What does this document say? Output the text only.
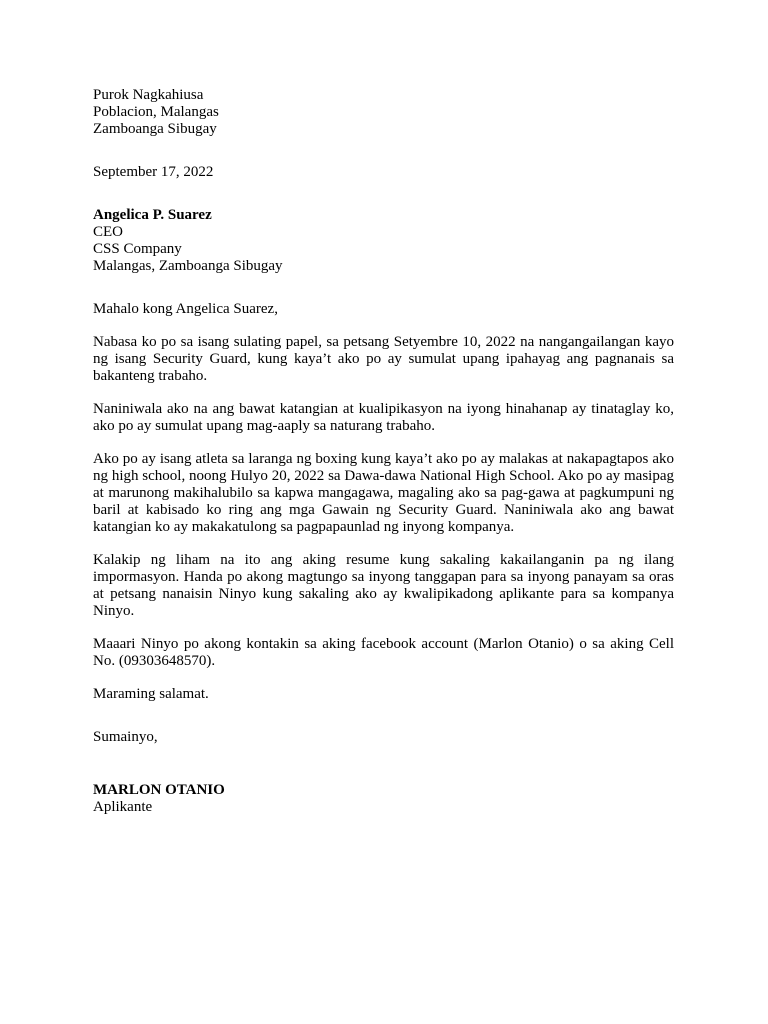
Purok Nagkahiusa
Poblacion, Malangas
Zamboanga Sibugay
September 17, 2022
Angelica P. Suarez
CEO
CSS Company
Malangas, Zamboanga Sibugay
Mahalo kong Angelica Suarez,

Nabasa ko po sa isang sulating papel, sa petsang Setyembre 10, 2022 na nangangailangan kayo ng isang Security Guard, kung kaya’t ako po ay sumulat upang ipahayag ang pagnanais sa bakanteng trabaho.

Naniniwala ako na ang bawat katangian at kualipikasyon na iyong hinahanap ay tinataglay ko, ako po ay sumulat upang mag-aaply sa naturang trabaho.

Ako po ay isang atleta sa laranga ng boxing kung kaya’t ako po ay malakas at nakapagtapos ako ng high school, noong Hulyo 20, 2022 sa Dawa-dawa National High School. Ako po ay masipag at marunong makihalubilo sa kapwa mangagawa, magaling ako sa pag-gawa at pagkumpuni ng baril at kabisado ko ring ang mga Gawain ng Security Guard. Naniniwala ako ang bawat katangian ko ay makakatulong sa pagpapaunlad ng inyong kompanya.

Kalakip ng liham na ito ang aking resume kung sakaling kakailanganin pa ng ilang impormasyon. Handa po akong magtungo sa inyong tanggapan para sa inyong panayam sa oras at petsang nanaisin Ninyo kung sakaling ako ay kwalipikadong aplikante para sa kompanya Ninyo.

Maaari Ninyo po akong kontakin sa aking facebook account (Marlon Otanio) o sa aking Cell No. (09303648570).

Maraming salamat.

Sumainyo,
MARLON OTANIO
Aplikante
